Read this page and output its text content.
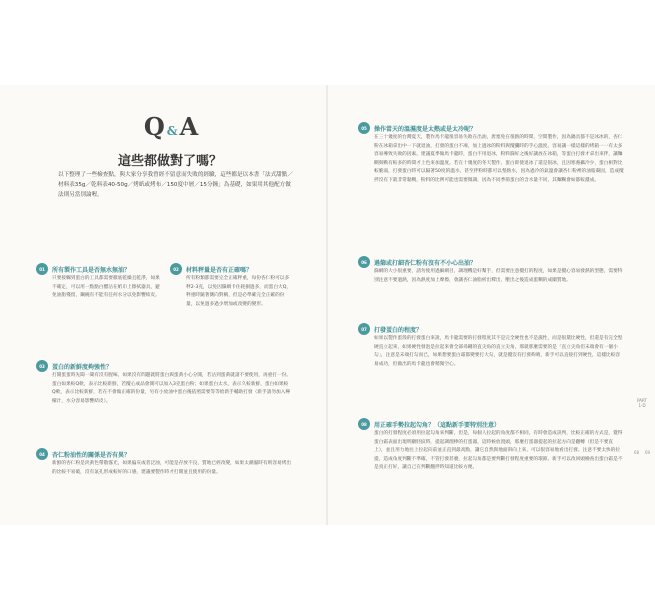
Q &A
這些都做對了嗎？
以下整理了一些檢查點，與大家分享我曾經不留意而失敗的經驗，這些都是以本書「法式甜點／材料表35g／乾料表40-50g／烤紙或烤布／150度中層／15分鐘」為基礎，如果用其他配方做法則另當別論喔。
01	所有製作工具是否無水無油？
只要接觸到蛋白的工具都需要徹底乾燥且乾淨，如果不確定，可以用一點點白醋沾在紙巾上擦拭器具，避免油脂殘留，鋼碗有不能有任何水分以免影響結皮。
02	材料秤量是否有正確嗎？
所有粉類都需要完全正確秤重，每份杏仁粉可以多秤2-3克，以免因篩網卡住耗損過多，而蛋白大Q，秤重時隨著側向對稱，但是必準確完全正確的份量，以免過多過少增加或改變的變形。
03	蛋白的新鮮度夠強性？
打開蛋蛋時先聞一聞有沒有腥味，如果沒有問題就將蛋白與蛋黃小心分開，若沾到蛋黃就請不要使用，再重打一份。蛋白如果較Q軟，表示比較新鮮，若攪心成品會開可以加入3克蛋白粉；如果蛋白太水，表示久較新鮮，蛋白如果較Q軟，表示比較新鮮，若在不會做正確的份量，另有小放油中蛋白後依照需要等等給新手輔助打發（新手請勿加入檸檬汁，水分容易影響結皮）。
04	杏仁粉油性的關係是否有異？
新鮮的杏仁粉是淡黃色帶散霧光，如果偏灰或者泛油，可能是存放不良，質地已經改變，如果太潮濕時有則容易烤出的比較不易破，沒有氣孔形成較好的口感，建議要製作時才打開並且使用的份量。
05	操作當天的溫濕度是太熱或是太冷呢？
在三十幾度的台灣夏天，製作馬卡龍很容易失敗在出油，唐塞免在很熱的時間，空間製作，因為鍋具都不是冰冰的，杏仁粉在冰箱拿出中一下就退油，打發的蛋白不凍，加上過冰的粉料與攪攔時的手心溫度，容易讓一樣這樣的烤箱一一有太多容易導致失敗的因素。建議夏季做馬卡龍時，蛋白不用退冰，粉料篩好之後好讓放在冰箱，等蛋白打發才拿出來拌，讓麵糊與戰有較多的時間才上色來加溫度。若在十幾度的冬天製作，蛋白即使退冰了還是很冰，且因寒養攝冷少，蛋白相對比較脆弱，打發蛋白時可以隔著50度的溫水，甚至拌粉時都可以墊熱水，因為過冷的氣溫會讓杏仁粉裡的油脂凝固，造成攪拌沒有下就非常黏稠，粉料的比例可能也需要微調，因為不同季節蛋白的含水量不同，其麵糊會如都較濃成。
06	過篩或打細杏仁粉有沒有不小心出油？
篩網的大小很重要，請勿使用過細網目，調理機是好幫手，但需要注意攪打的程度，如果是攪心容易發熱的型態，需要特別注意不要過熱，因為熱度加上摩擦，會讓杏仁油脂析出釋出，壓出之後造成蛋糊的成團質地。
07	打發蛋白的程度？
如果以製作蛋殼的打發蛋白來說，馬卡龍需要的打發程度其不是完全硬性也不是濕性，而是很黛比硬性，但還是有完全堅硬直立起來，如果硬性發泡是拉起來會全部尋剛的直尖角的直立尖角，那就那麼需要的是「直立尖角但末端會有一個小勾」，注意是末端打勾而已，如果想要蛋白霜都變要打大勾，就是攪沒有打發夠唷，新手可以直接打到硬性，這樣比較容易成功，但做出的馬卡龍也會稍微空心。
08	用正確手勢拉起勾角？（這點新手要特別注意）
蛋白的打發程度必須用拉起勾角來判斷，但是，每個人拉起的角度都不相同，有時會造成誤判，比較正確的方式是，覺得蛋白霜表面出現明顯胚紋時，提起調理棒的打蛋器，這時候放置頭，那麼打蛋器提起的拉起方向是翻轉（但是不要直上），並且用力地往上拉起向前並正直到最高點，讓它自然與地面斜向上來，可以很容易地看出打發。注意不要太快的拉提，造成角度判斷不準確。不管打發甚麼，拉起勾角都是要判斷打發程度重要的環節。新手可以改回頭檢查出蛋白霜是不是真正打好，讓自己在判斷翻拌時知道比較方便。
PART 1-D
68 69
